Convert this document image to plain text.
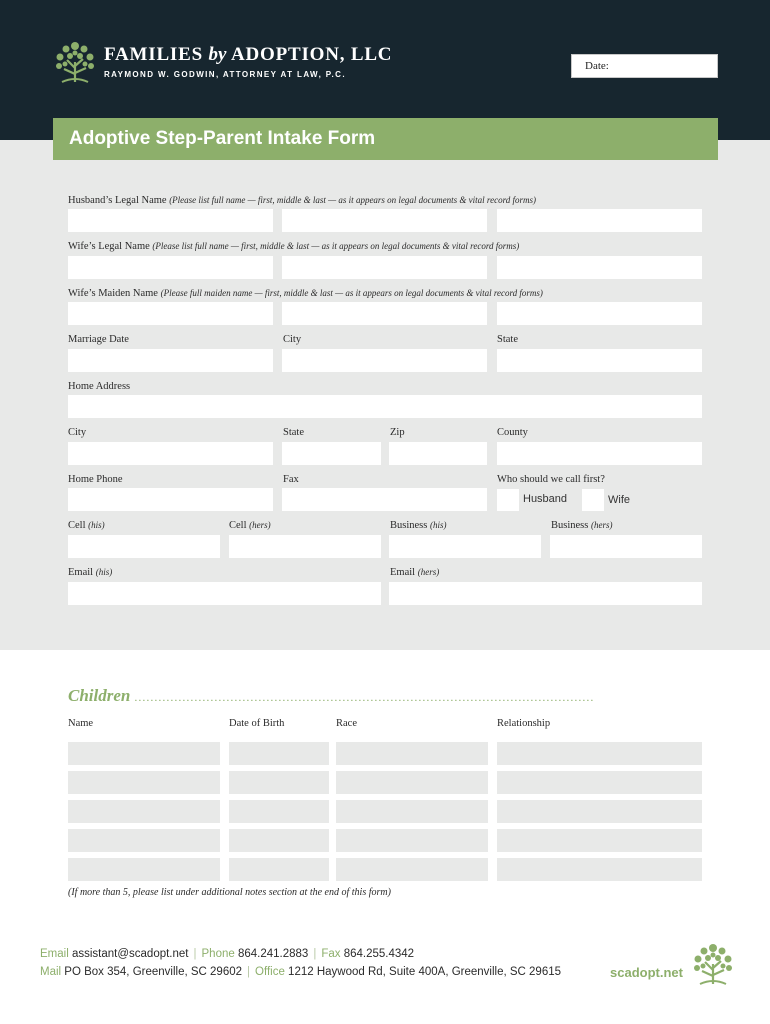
FAMILIES by ADOPTION, LLC
RAYMOND W. GODWIN, ATTORNEY AT LAW, P.C.
Date:
Adoptive Step-Parent Intake Form
Husband’s Legal Name (Please list full name — first, middle & last — as it appears on legal documents & vital record forms)
Wife’s Legal Name (Please list full name — first, middle & last — as it appears on legal documents & vital record forms)
Wife’s Maiden Name (Please full maiden name — first, middle & last — as it appears on legal documents & vital record forms)
Marriage Date	City	State
Home Address
City	State	Zip	County
Home Phone	Fax	Who should we call first?
Husband	Wife
Cell (his)	Cell (hers)	Business (his)	Business (hers)
Email (his)	Email (hers)
Children ...................................................................................................................
Name	Date of Birth	Race	Relationship
(If more than 5, please list under additional notes section at the end of this form)
Email assistant@scadopt.net | Phone 864.241.2883 | Fax 864.255.4342
Mail PO Box 354, Greenville, SC 29602 | Office 1212 Haywood Rd, Suite 400A, Greenville, SC 29615	scadopt.net
